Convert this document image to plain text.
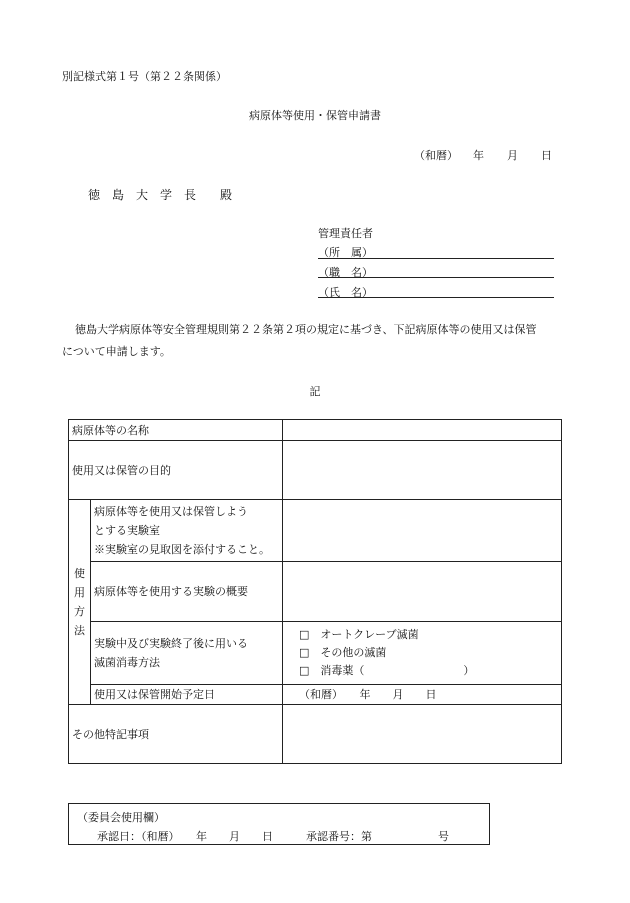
別記様式第１号（第２２条関係）
病原体等使用・保管申請書
（和暦） 年 月 日
徳　島　大　学　長　　殿
管理責任者
（所　属）
（職　名）
（氏　名）
徳島大学病原体等安全管理規則第２２条第２項の規定に基づき、下記病原体等の使用又は保管
について申請します。
記
病原体等の名称		
使用又は保管の目的		
使
用
方
法	病原体等を使用又は保管しよう
とする実験室
※実験室の見取図を添付すること。	

	病原体等を使用する実験の概要	

	実験中及び実験終了後に用いる
滅菌消毒方法	□　オートクレーブ滅菌
□　その他の滅菌
□　消毒薬（　　　　　　　　　）

	使用又は保管開始予定日	（和暦）　　年　　月　　日
その他特記事項		
（委員会使用欄）
承認日：（和暦）　　年　　月　　日　　　承認番号：第　　　　　　号
